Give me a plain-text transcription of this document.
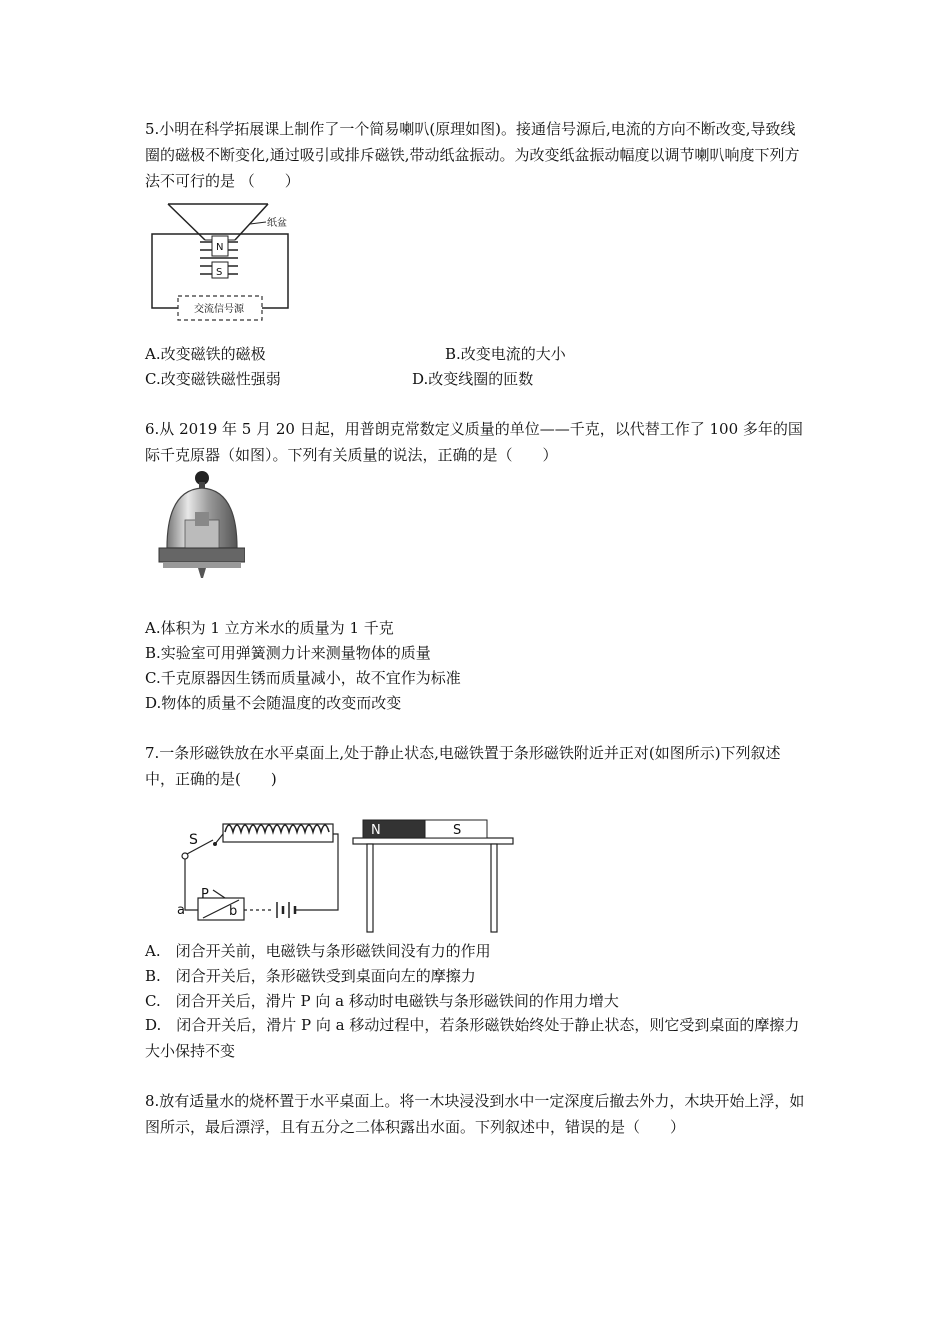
5.小明在科学拓展课上制作了一个简易喇叭(原理如图)。接通信号源后,电流的方向不断改变,导致线圈的磁极不断变化,通过吸引或排斥磁铁,带动纸盆振动。为改变纸盆振动幅度以调节喇叭响度下列方法不可行的是 （　　）
N
S
交流信号源
纸盆
A.改变磁铁的磁极	B.改变电流的大小
C.改变磁铁磁性强弱	D.改变线圈的匝数
6.从 2019 年 5 月 20 日起，用普朗克常数定义质量的单位——千克，以代替工作了 100 多年的国际千克原器（如图）。下列有关质量的说法，正确的是（　　）
A.体积为 1 立方米水的质量为 1 千克
B.实验室可用弹簧测力计来测量物体的质量
C.千克原器因生锈而质量减小，故不宜作为标准
D.物体的质量不会随温度的改变而改变
7.一条形磁铁放在水平桌面上,处于静止状态,电磁铁置于条形磁铁附近并正对(如图所示)下列叙述中，正确的是(　　)
S
P
a	b
N	S
A.　闭合开关前，电磁铁与条形磁铁间没有力的作用
B.　闭合开关后，条形磁铁受到桌面向左的摩擦力
C.　闭合开关后，滑片 P 向 a 移动时电磁铁与条形磁铁间的作用力增大
D.　闭合开关后，滑片 P 向 a 移动过程中，若条形磁铁始终处于静止状态，则它受到桌面的摩擦力大小保持不变
8.放有适量水的烧杯置于水平桌面上。将一木块浸没到水中一定深度后撤去外力，木块开始上浮，如图所示，最后漂浮，且有五分之二体积露出水面。下列叙述中，错误的是（　　）
